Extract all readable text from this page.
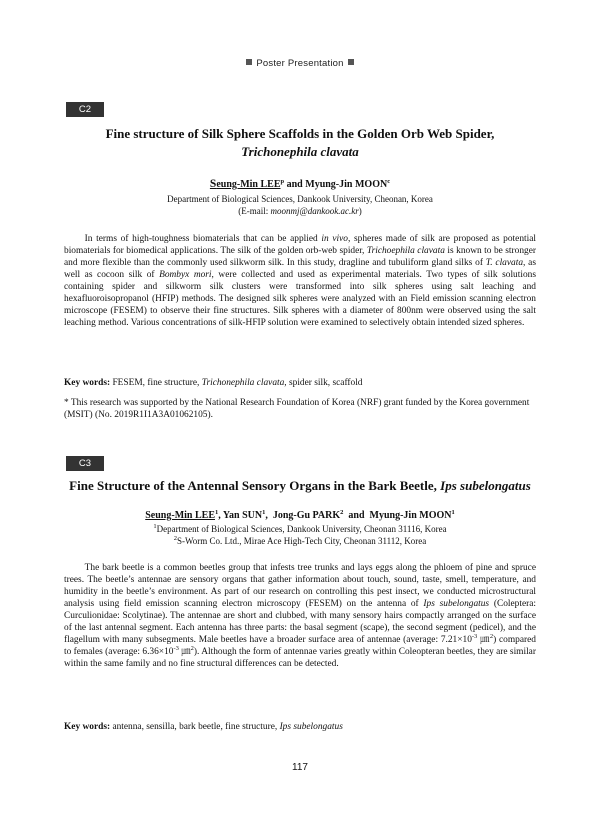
Poster Presentation
C2
Fine structure of Silk Sphere Scaffolds in the Golden Orb Web Spider,
Trichonephila clavata
Seung-Min LEE$^p$ and Myung-Jin MOON$^c$
Department of Biological Sciences, Dankook University, Cheonan, Korea
(E-mail: moonmj@dankook.ac.kr)
In terms of high-toughness biomaterials that can be applied in vivo, spheres made of silk are proposed as potential biomaterials for biomedical applications. The silk of the golden orb-web spider, Trichoephila clavata is known to be stronger and more flexible than the commonly used silkworm silk. In this study, dragline and tubuliform gland silks of T. clavata, as well as cocoon silk of Bombyx mori, were collected and used as experimental materials. Two types of silk solutions containing spider and silkworm silk clusters were transformed into silk spheres using salt leaching and hexafluoroisopropanol (HFIP) methods. The designed silk spheres were analyzed with an Field emission scanning electron microscope (FESEM) to observe their fine structures. Silk spheres with a diameter of 800nm were observed using the salt leaching method. Various concentrations of silk-HFIP solution were examined to selectively obtain intended sized spheres.
Key words: FESEM, fine structure, Trichonephila clavata, spider silk, scaffold
* This research was supported by the National Research Foundation of Korea (NRF) grant funded by the Korea government (MSIT) (No. 2019R1I1A3A01062105).
C3
Fine Structure of the Antennal Sensory Organs in the Bark Beetle, Ips subelongatus
Seung-Min LEE$^1$, Yan SUN$^1$,  Jong-Gu PARK$^2$  and  Myung-Jin MOON$^1$
$^1$Department of Biological Sciences, Dankook University, Cheonan 31116, Korea
$^2$S-Worm Co. Ltd., Mirae Ace High-Tech City, Cheonan 31112, Korea
The bark beetle is a common beetles group that infests tree trunks and lays eggs along the phloem of pine and spruce trees. The beetle’s antennae are sensory organs that gather information about touch, sound, taste, smell, temperature, and humidity in the beetle’s environment. As part of our research on controlling this pest insect, we conducted microstructural analysis using field emission scanning electron microscopy (FESEM) on the antenna of Ips subelongatus (Coleptera: Curculionidae: Scolytinae). The antennae are short and clubbed, with many sensory hairs compactly arranged on the surface of the last antennal segment. Each antenna has three parts: the basal segment (scape), the second segment (pedicel), and the flagellum with many subsegments. Male beetles have a broader surface area of antennae (average: $7.21\times 10^{-3}$ ㎛$^2$) compared to females (average: $6.36\times 10^{-3}$ ㎛$^2$). Although the form of antennae varies greatly within Coleopteran beetles, they are similar within the same family and no fine structural differences can be detected.
Key words: antenna, sensilla, bark beetle, fine structure, Ips subelongatus
117
